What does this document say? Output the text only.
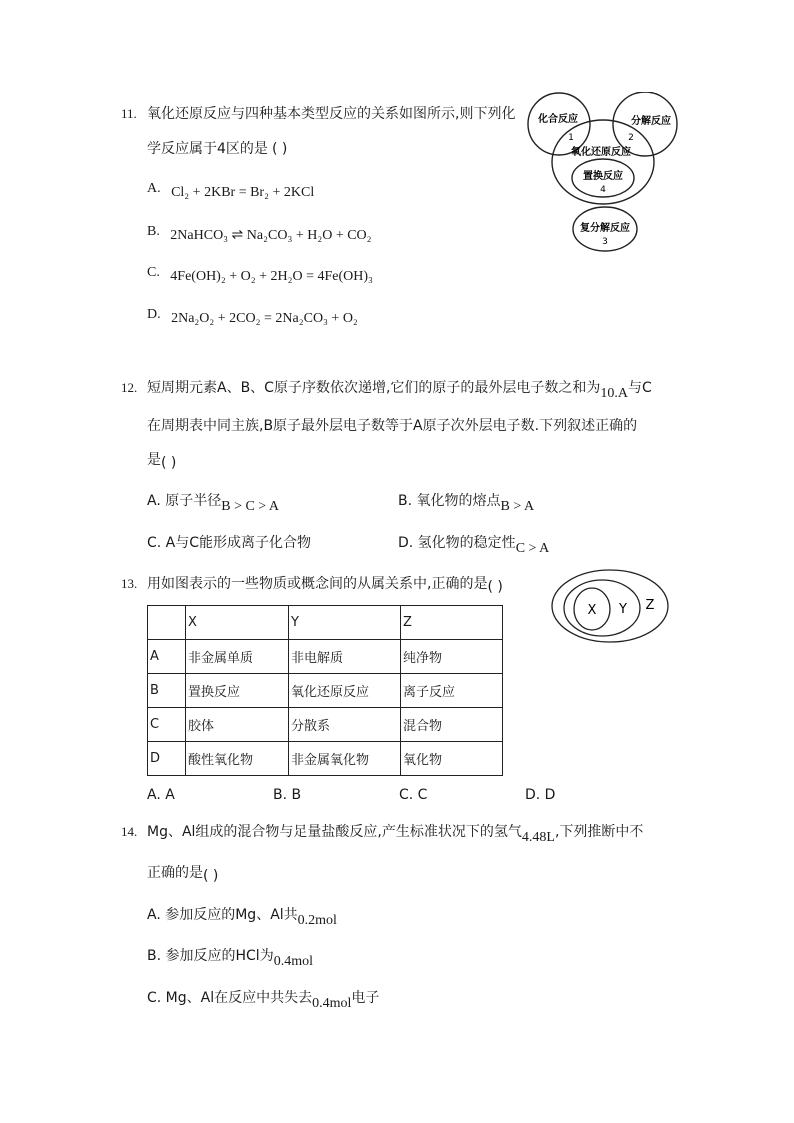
11. 氧化还原反应与四种基本类型反应的关系如图所示,则下列化
学反应属于4区的是 ( )
A. Cl₂ + 2KBr = Br₂ + 2KCl
B. 2NaHCO₃ ⇌ Na₂CO₃ + H₂O + CO₂
C. 4Fe(OH)₂ + O₂ + 2H₂O = 4Fe(OH)₃
D. 2Na₂O₂ + 2CO₂ = 2Na₂CO₃ + O₂
化合反应
1
分解反应
2
氧化还原反应
置换反应
4
复分解反应
3
12. 短周期元素A、B、C原子序数依次递增,它们的原子的最外层电子数之和为10.A与C
在周期表中同主族,B原子最外层电子数等于A原子次外层电子数.下列叙述正确的
是( )
A. 原子半径B > C > A	B. 氧化物的熔点B > A
C. A与C能形成离子化合物	D. 氢化物的稳定性C > A
13. 用如图表示的一些物质或概念间的从属关系中,正确的是( )
X Y Z
	X	Y	Z
A	非金属单质	非电解质	纯净物
B	置换反应	氧化还原反应	离子反应
C	胶体	分散系	混合物
D	酸性氧化物	非金属氧化物	氧化物
A. A	B. B	C. C	D. D
14. Mg、Al组成的混合物与足量盐酸反应,产生标准状况下的氢气4.48L,下列推断中不
正确的是( )
A. 参加反应的Mg、Al共0.2mol
B. 参加反应的HCl为0.4mol
C. Mg、Al在反应中共失去0.4mol电子
